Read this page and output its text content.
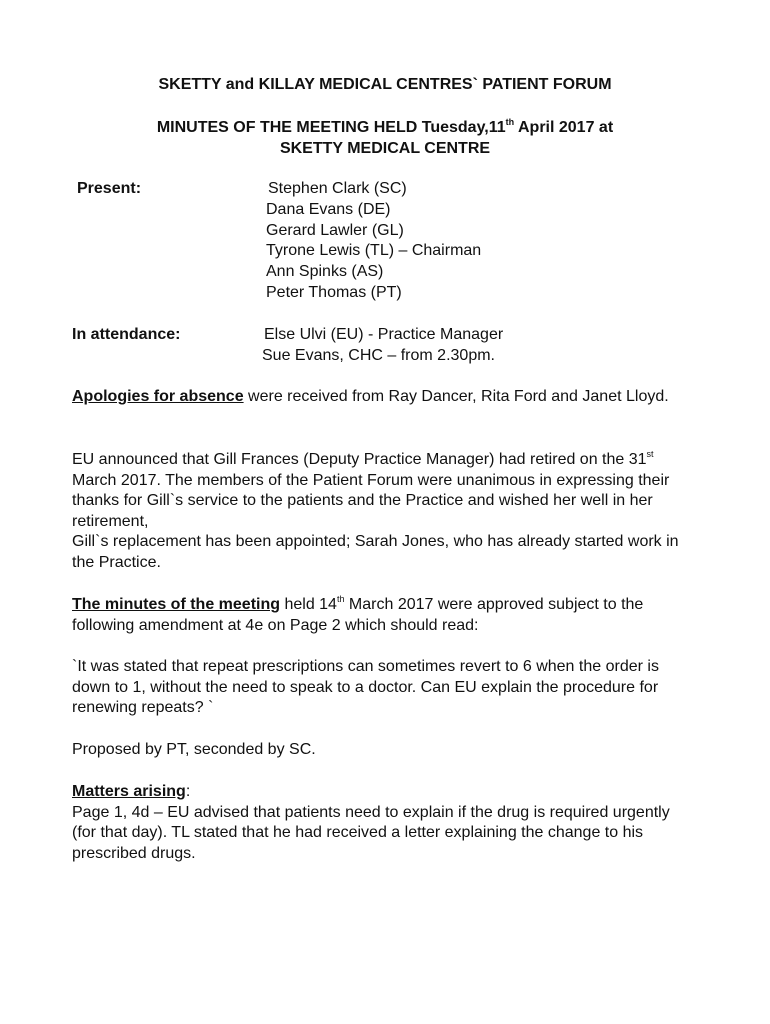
SKETTY and KILLAY MEDICAL CENTRES` PATIENT FORUM
MINUTES OF THE MEETING HELD Tuesday,11th April 2017 at
SKETTY MEDICAL CENTRE
Present:	Stephen Clark (SC)
Dana Evans (DE)
Gerard Lawler (GL)
Tyrone Lewis (TL) – Chairman
Ann Spinks (AS)
Peter Thomas (PT)
In attendance:	Else Ulvi (EU) - Practice Manager
Sue Evans, CHC – from 2.30pm.

Apologies for absence were received from Ray Dancer, Rita Ford and Janet Lloyd.

EU announced that Gill Frances (Deputy Practice Manager) had retired on the 31st March 2017. The members of the Patient Forum were unanimous in expressing their thanks for Gill`s service to the patients and the Practice and wished her well in her retirement,

Gill`s replacement has been appointed; Sarah Jones, who has already started work in the Practice.

The minutes of the meeting held 14th March 2017 were approved subject to the following amendment at 4e on Page 2 which should read:

`It was stated that repeat prescriptions can sometimes revert to 6 when the order is down to 1, without the need to speak to a doctor. Can EU explain the procedure for renewing repeats? `
Proposed by PT, seconded by SC.

Matters arising:

Page 1, 4d – EU advised that patients need to explain if the drug is required urgently (for that day). TL stated that he had received a letter explaining the change to his prescribed drugs.
